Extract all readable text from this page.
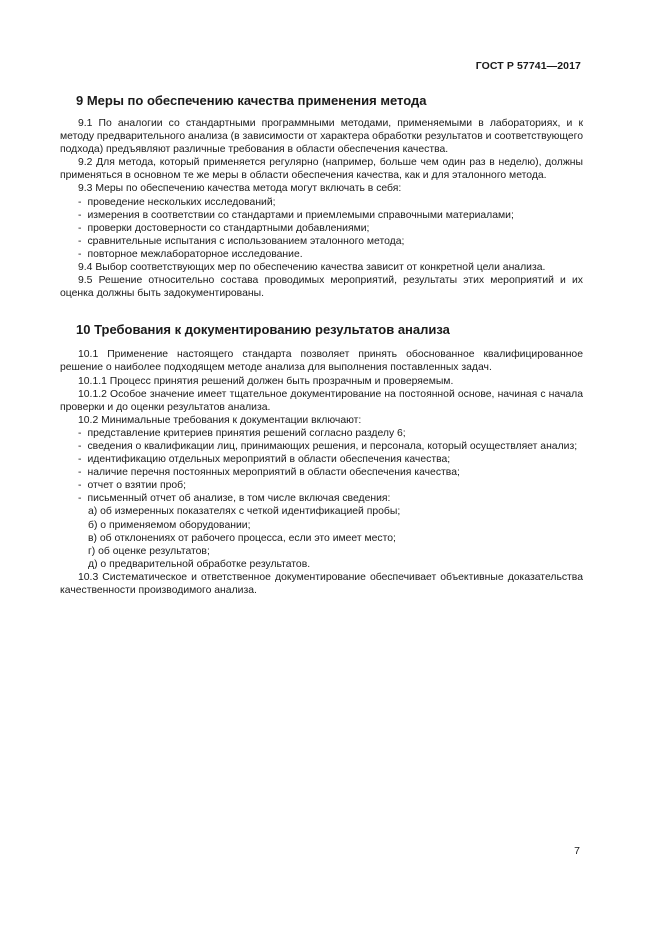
ГОСТ Р 57741—2017
9 Меры по обеспечению качества применения метода

9.1 По аналогии со стандартными программными методами, применяемыми в лабораториях, и к методу предварительного анализа (в зависимости от характера обработки результатов и соответствующего подхода) предъявляют различные требования в области обеспечения качества.

9.2 Для метода, который применяется регулярно (например, больше чем один раз в неделю), должны применяться в основном те же меры в области обеспечения качества, как и для эталонного метода.

9.3 Меры по обеспечению качества метода могут включать в себя:

- проведение нескольких исследований;
- измерения в соответствии со стандартами и приемлемыми справочными материалами;
- проверки достоверности со стандартными добавлениями;
- сравнительные испытания с использованием эталонного метода;
- повторное межлабораторное исследование.

9.4 Выбор соответствующих мер по обеспечению качества зависит от конкретной цели анализа.

9.5 Решение относительно состава проводимых мероприятий, результаты этих мероприятий и их оценка должны быть задокументированы.

10 Требования к документированию результатов анализа

10.1 Применение настоящего стандарта позволяет принять обоснованное квалифицированное решение о наиболее подходящем методе анализа для выполнения поставленных задач.

10.1.1 Процесс принятия решений должен быть прозрачным и проверяемым.

10.1.2 Особое значение имеет тщательное документирование на постоянной основе, начиная с начала проверки и до оценки результатов анализа.

10.2 Минимальные требования к документации включают:

- представление критериев принятия решений согласно разделу 6;
- сведения о квалификации лиц, принимающих решения, и персонала, который осуществляет анализ;
- идентификацию отдельных мероприятий в области обеспечения качества;
- наличие перечня постоянных мероприятий в области обеспечения качества;
- отчет о взятии проб;
- письменный отчет об анализе, в том числе включая сведения:
а) об измеренных показателях с четкой идентификацией пробы;
б) о применяемом оборудовании;
в) об отклонениях от рабочего процесса, если это имеет место;
г) об оценке результатов;
д) о предварительной обработке результатов.

10.3 Систематическое и ответственное документирование обеспечивает объективные доказательства качественности производимого анализа.

7
